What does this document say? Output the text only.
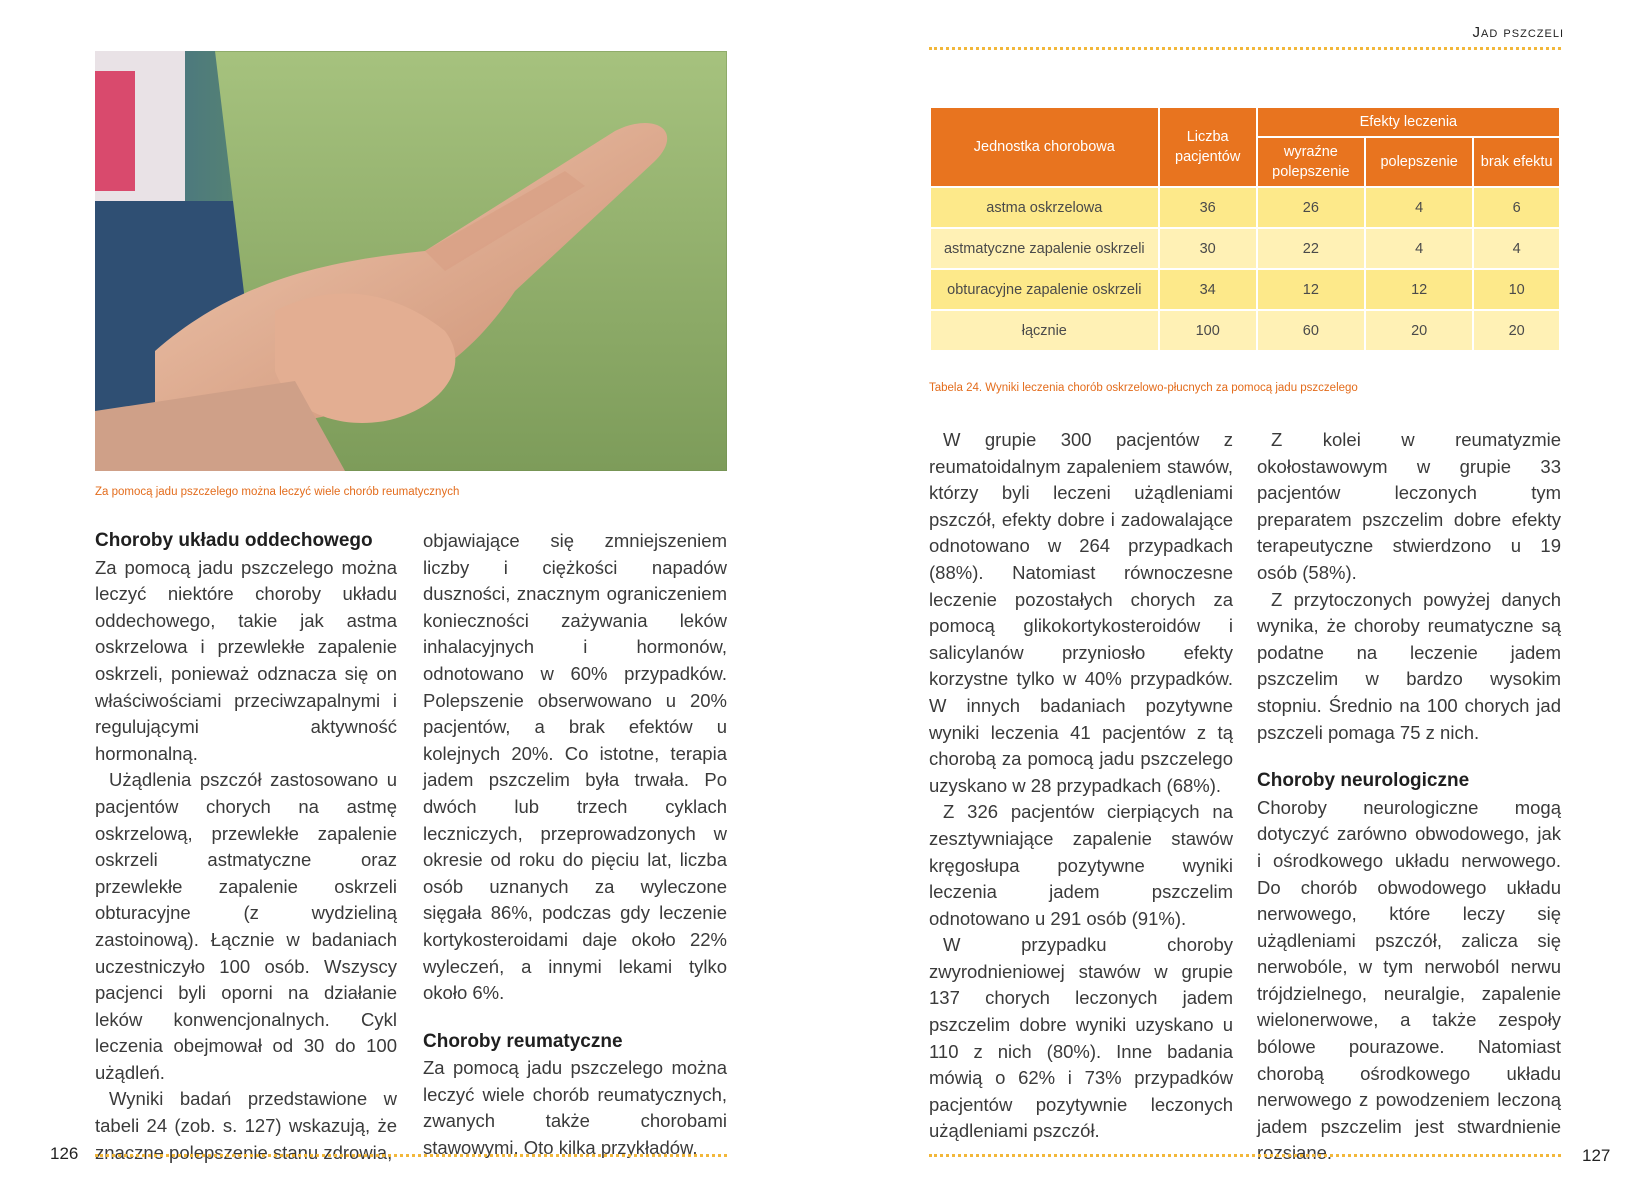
Za pomocą jadu pszczelego można leczyć wiele chorób reumatycznych
Choroby układu oddechowego

Za pomocą jadu pszczelego można leczyć niektóre choroby układu oddechowego, takie jak astma oskrzelowa i przewlekłe zapalenie oskrzeli, ponieważ odznacza się on właściwościami przeciwzapalnymi i regulującymi aktywność hormonalną.

Użądlenia pszczół zastosowano u pacjentów chorych na astmę oskrzelową, przewlekłe zapalenie oskrzeli astmatyczne oraz przewlekłe zapalenie oskrzeli obturacyjne (z wydzieliną zastoinową). Łącznie w badaniach uczestniczyło 100 osób. Wszyscy pacjenci byli oporni na działanie leków konwencjonalnych. Cykl leczenia obejmował od 30 do 100 użądleń.

Wyniki badań przedstawione w tabeli 24 (zob. s. 127) wskazują, że znaczne polepszenie stanu zdrowia,

objawiające się zmniejszeniem liczby i ciężkości napadów duszności, znacznym ograniczeniem konieczności zażywania leków inhalacyjnych i hormonów, odnotowano w 60% przypadków. Polepszenie obserwowano u 20% pacjentów, a brak efektów u kolejnych 20%. Co istotne, terapia jadem pszczelim była trwała. Po dwóch lub trzech cyklach leczniczych, przeprowadzonych w okresie od roku do pięciu lat, liczba osób uznanych za wyleczone sięgała 86%, podczas gdy leczenie kortykosteroidami daje około 22% wyleczeń, a innymi lekami tylko około 6%.

Choroby reumatyczne

Za pomocą jadu pszczelego można leczyć wiele chorób reumatycznych, zwanych także chorobami stawowymi. Oto kilka przykładów.

126
Jad pszczeli
Jednostka chorobowa	Liczba pacjentów	Efekty leczenia		
		wyraźne polepszenie	polepszenie	brak efektu
astma oskrzelowa	36	26	4	6
astmatyczne zapalenie oskrzeli	30	22	4	4
obturacyjne zapalenie oskrzeli	34	12	12	10
łącznie	100	60	20	20
Tabela 24. Wyniki leczenia chorób oskrzelowo-płucnych za pomocą jadu pszczelego

W grupie 300 pacjentów z reumatoidalnym zapaleniem stawów, którzy byli leczeni użądleniami pszczół, efekty dobre i zadowalające odnotowano w 264 przypadkach (88%). Natomiast równoczesne leczenie pozostałych chorych za pomocą glikokortykosteroidów i salicylanów przyniosło efekty korzystne tylko w 40% przypadków. W innych badaniach pozytywne wyniki leczenia 41 pacjentów z tą chorobą za pomocą jadu pszczelego uzyskano w 28 przypadkach (68%).

Z 326 pacjentów cierpiących na zesztywniające zapalenie stawów kręgosłupa pozytywne wyniki leczenia jadem pszczelim odnotowano u 291 osób (91%).

W przypadku choroby zwyrodnieniowej stawów w grupie 137 chorych leczonych jadem pszczelim dobre wyniki uzyskano u 110 z nich (80%). Inne badania mówią o 62% i 73% przypadków pacjentów pozytywnie leczonych użądleniami pszczół.

Z kolei w reumatyzmie okołostawowym w grupie 33 pacjentów leczonych tym preparatem pszczelim dobre efekty terapeutyczne stwierdzono u 19 osób (58%).

Z przytoczonych powyżej danych wynika, że choroby reumatyczne są podatne na leczenie jadem pszczelim w bardzo wysokim stopniu. Średnio na 100 chorych jad pszczeli pomaga 75 z nich.

Choroby neurologiczne

Choroby neurologiczne mogą dotyczyć zarówno obwodowego, jak i ośrodkowego układu nerwowego. Do chorób obwodowego układu nerwowego, które leczy się użądleniami pszczół, zalicza się nerwobóle, w tym nerwoból nerwu trójdzielnego, neuralgie, zapalenie wielonerwowe, a także zespoły bólowe pourazowe. Natomiast chorobą ośrodkowego układu nerwowego z powodzeniem leczoną jadem pszczelim jest stwardnienie rozsiane.	127
